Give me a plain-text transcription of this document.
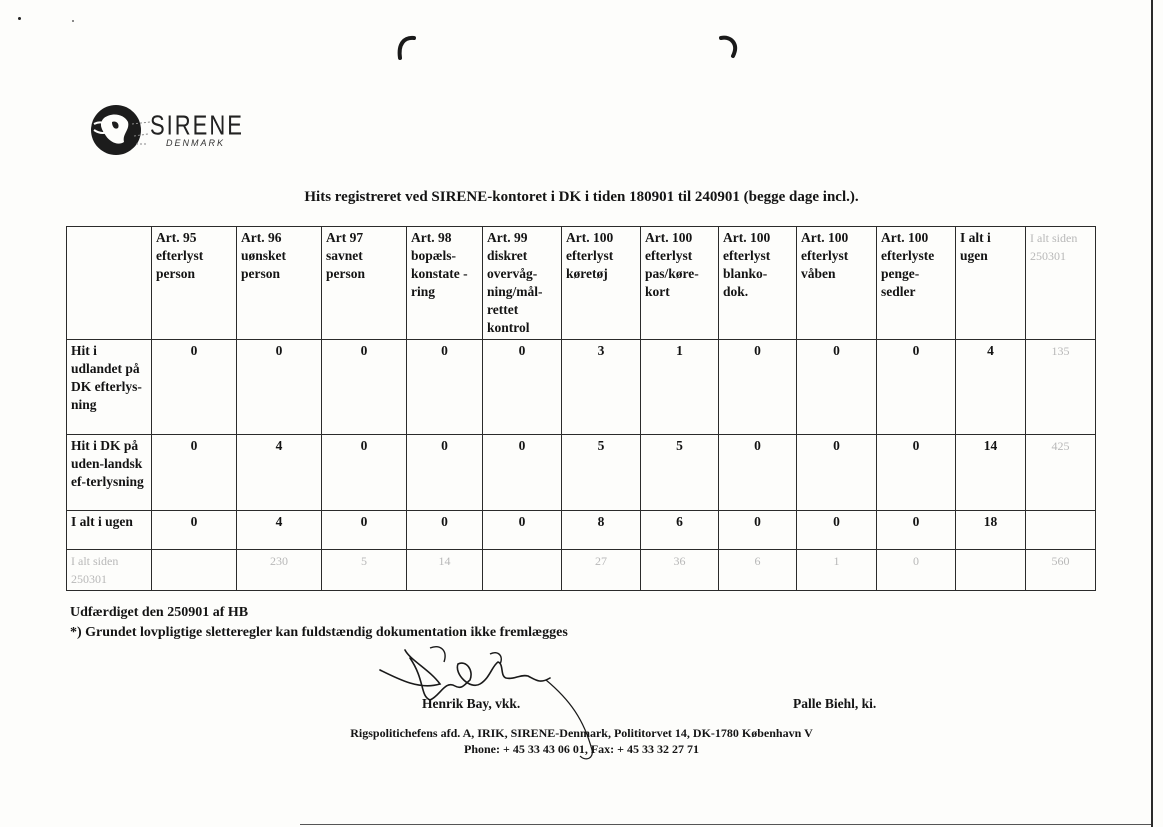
SIRENE
DENMARK
Hits registreret ved SIRENE-kontoret i DK i tiden 180901 til 240901 (begge dage incl.).
	Art. 95 efterlyst person	Art. 96 uønsket person	Art 97 savnet person	Art. 98 bopæls-konstate -ring	Art. 99 diskret overvåg-ning/mål-rettet kontrol	Art. 100 efterlyst køretøj	Art. 100 efterlyst pas/køre-kort	Art. 100 efterlyst blanko-dok.	Art. 100 efterlyst våben	Art. 100 efterlyste penge-sedler	I alt i ugen	I alt siden 250301
Hit i udlandet på DK efterlys-ning	0	0	0	0	0	3	1	0	0	0	4	135
Hit i DK på uden-landsk ef-terlysning	0	4	0	0	0	5	5	0	0	0	14	425
I alt i ugen	0	4	0	0	0	8	6	0	0	0	18	
I alt siden 250301		230	5	14		27	36	6	1	0		560
Udfærdiget den 250901 af HB
*) Grundet lovpligtige sletteregler kan fuldstændig dokumentation ikke fremlægges
Henrik Bay, vkk.	Palle Biehl, ki.
Rigspolitichefens afd. A, IRIK, SIRENE-Denmark, Polititorvet 14, DK-1780 København V
Phone: + 45 33 43 06 01, Fax: + 45 33 32 27 71
